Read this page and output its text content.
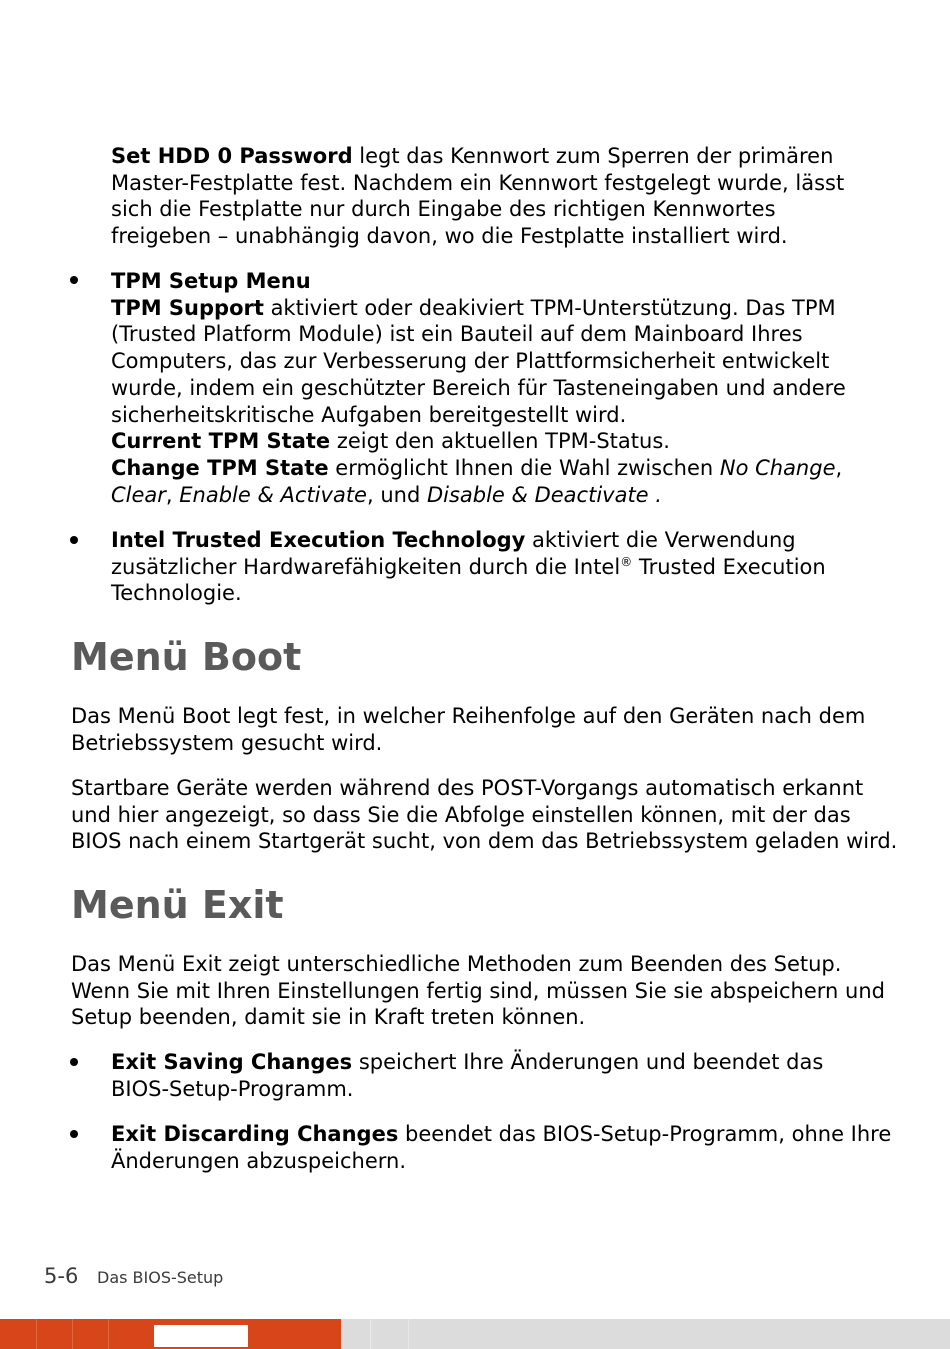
Set HDD 0 Password legt das Kennwort zum Sperren der primären
Master-Festplatte fest. Nachdem ein Kennwort festgelegt wurde, lässt
sich die Festplatte nur durch Eingabe des richtigen Kennwortes
freigeben – unabhängig davon, wo die Festplatte installiert wird.
TPM Setup Menu
TPM Support aktiviert oder deakiviert TPM-Unterstützung. Das TPM
(Trusted Platform Module) ist ein Bauteil auf dem Mainboard Ihres
Computers, das zur Verbesserung der Plattformsicherheit entwickelt
wurde, indem ein geschützter Bereich für Tasteneingaben und andere
sicherheitskritische Aufgaben bereitgestellt wird.
Current TPM State zeigt den aktuellen TPM-Status.
Change TPM State ermöglicht Ihnen die Wahl zwischen No Change,
Clear, Enable & Activate, und Disable & Deactivate .
Intel Trusted Execution Technology aktiviert die Verwendung
zusätzlicher Hardwarefähigkeiten durch die Intel® Trusted Execution
Technologie.
Menü Boot
Das Menü Boot legt fest, in welcher Reihenfolge auf den Geräten nach dem
Betriebssystem gesucht wird.
Startbare Geräte werden während des POST-Vorgangs automatisch erkannt
und hier angezeigt, so dass Sie die Abfolge einstellen können, mit der das
BIOS nach einem Startgerät sucht, von dem das Betriebssystem geladen wird.
Menü Exit
Das Menü Exit zeigt unterschiedliche Methoden zum Beenden des Setup.
Wenn Sie mit Ihren Einstellungen fertig sind, müssen Sie sie abspeichern und
Setup beenden, damit sie in Kraft treten können.
Exit Saving Changes speichert Ihre Änderungen und beendet das
BIOS-Setup-Programm.
Exit Discarding Changes beendet das BIOS-Setup-Programm, ohne Ihre
Änderungen abzuspeichern.
5-6 Das BIOS-Setup
